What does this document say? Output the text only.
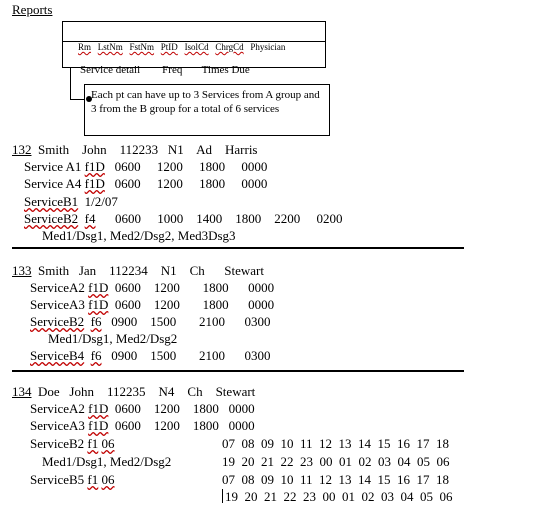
Reports

Rm LstNm FstNm PtID IsolCd ChrgCd Physician

Service detail Freq Times Due

Each pt can have up to 3 Services from A group and 3 from the B group for a total of 6 services
132 Smith John 112233 N1 Ad Harris
Service A1 f1D 0600 1200 1800 0000
Service A4 f1D 0600 1200 1800 0000
ServiceB1 1/2/07
ServiceB2 f4 0600 1000 1400 1800 2200 0200
Med1/Dsg1, Med2/Dsg2, Med3Dsg3
133 Smith Jan 112234 N1 Ch Stewart
ServiceA2 f1D 0600 1200 1800 0000
ServiceA3 f1D 0600 1200 1800 0000
ServiceB2 f6 0900 1500 2100 0300
Med1/Dsg1, Med2/Dsg2
ServiceB4 f6 0900 1500 2100 0300
134 Doe John 112235 N4 Ch Stewart
ServiceA2 f1D 0600 1200 1800 0000
ServiceA3 f1D 0600 1200 1800 0000
ServiceB2 f1 06
Med1/Dsg1, Med2/Dsg2
ServiceB5 f1 06
07  08  09  10  11  12  13  14  15  16  17  18
19  20  21  22  23  00  01  02  03  04  05  06
07  08  09  10  11  12  13  14  15  16  17  18
19  20  21  22  23  00  01  02  03  04  05  06
